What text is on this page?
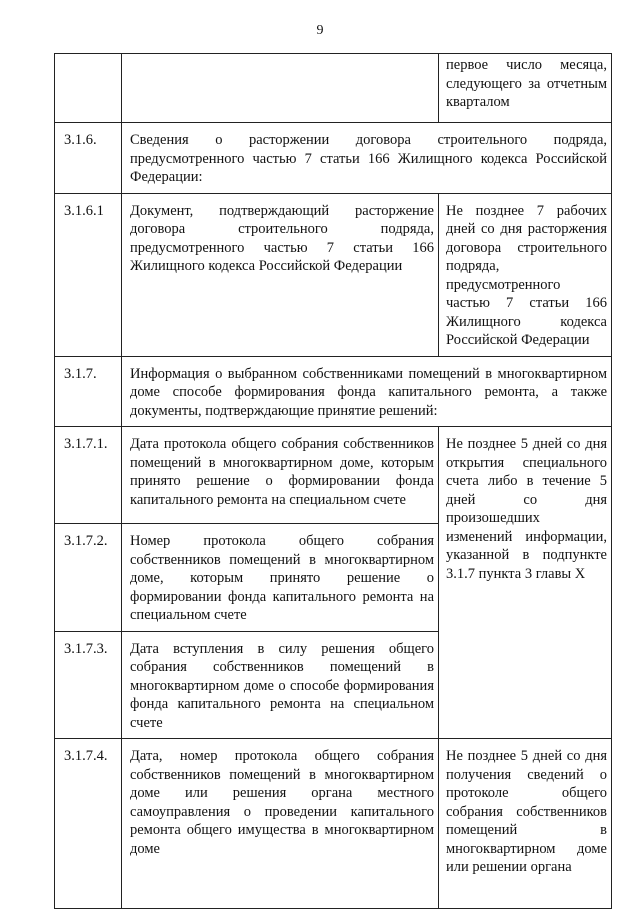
9
		первое число месяца, следующего за отчетным кварталом
3.1.6.	Сведения о расторжении договора строительного подряда, предусмотренного частью 7 статьи 166 Жилищного кодекса Российской Федерации:	
3.1.6.1	Документ, подтверждающий расторжение договора строительного подряда, предусмотренного частью 7 статьи 166 Жилищного кодекса Российской Федерации	Не позднее 7 рабочих дней со дня расторжения договора строительного подряда, предусмотренного частью 7 статьи 166 Жилищного кодекса Российской Федерации
3.1.7.	Информация о выбранном собственниками помещений в многоквартирном доме способе формирования фонда капитального ремонта, а также документы, подтверждающие принятие решений:	
3.1.7.1.	Дата протокола общего собрания собственников помещений в многоквартирном доме, которым принято решение о формировании фонда капитального ремонта на специальном счете	Не позднее 5 дней со дня открытия специального счета либо в течение 5 дней со дня произошедших изменений информации, указанной в подпункте 3.1.7 пункта 3 главы X
3.1.7.2.	Номер протокола общего собрания собственников помещений в многоквартирном доме, которым принято решение о формировании фонда капитального ремонта на специальном счете	
3.1.7.3.	Дата вступления в силу решения общего собрания собственников помещений в многоквартирном доме о способе формирования фонда капитального ремонта на специальном счете	
3.1.7.4.	Дата, номер протокола общего собрания собственников помещений в многоквартирном доме или решения органа местного самоуправления о проведении капитального ремонта общего имущества в многоквартирном доме	Не позднее 5 дней со дня получения сведений о протоколе общего собрания собственников помещений в многоквартирном доме или решении органа
